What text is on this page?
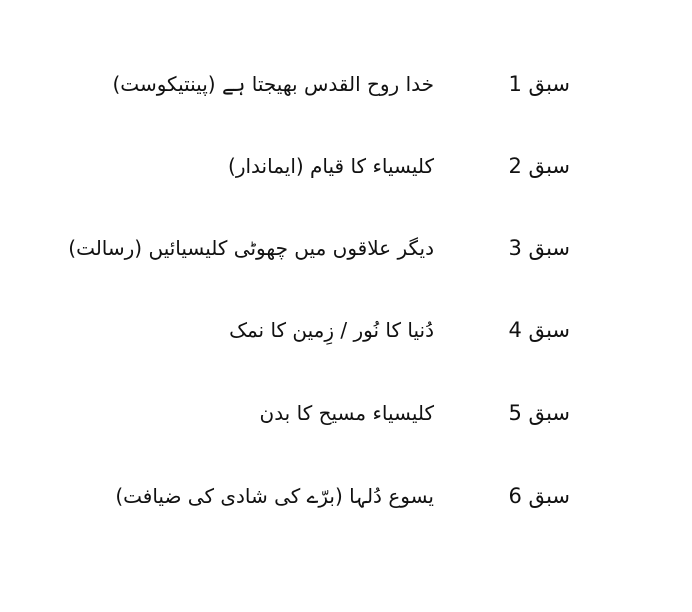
سبق 1
خدا روح القدس بھیجتا ہے (پینتیکوست)
سبق 2
کلیسیاء کا قیام (ایماندار)
سبق 3
دیگر علاقوں میں چھوٹی کلیسیائیں (رسالت)
سبق 4
دُنیا کا نُور / زِمین کا نمک
سبق 5
کلیسیاء مسیح کا بدن
سبق 6
یسوع دُلہا (برّے کی شادی کی ضیافت)
